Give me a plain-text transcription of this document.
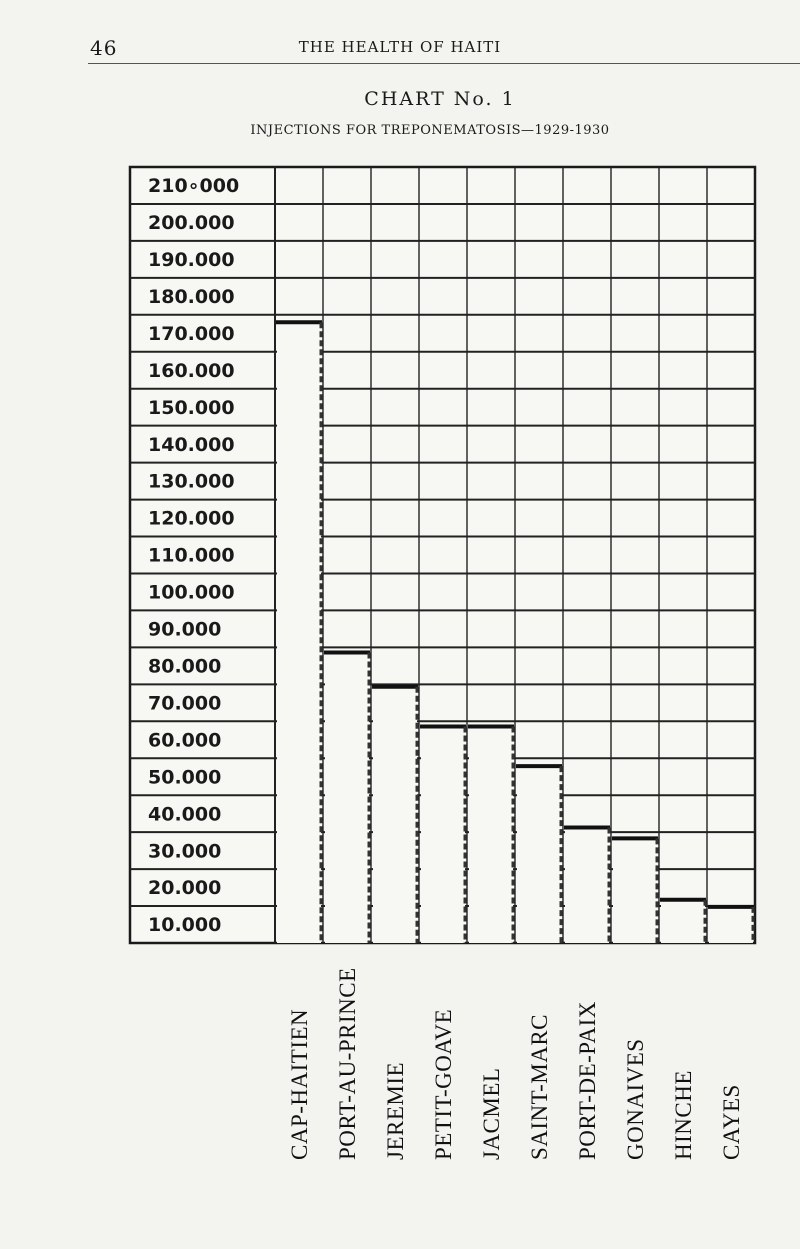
46	THE HEALTH OF HAITI
CHART No. 1
INJECTIONS FOR TREPONEMATOSIS—1929-1930
210∘000
200.000
190.000
180.000
170.000
160.000
150.000
140.000
130.000
120.000
110.000
100.000
90.000
80.000
70.000
60.000
50.000
40.000
30.000
20.000
10.000
CAP-HAITIEN PORT-AU-PRINCE JEREMIE PETIT-GOAVE JACMEL SAINT-MARC PORT-DE-PAIX GONAIVES HINCHE CAYES
